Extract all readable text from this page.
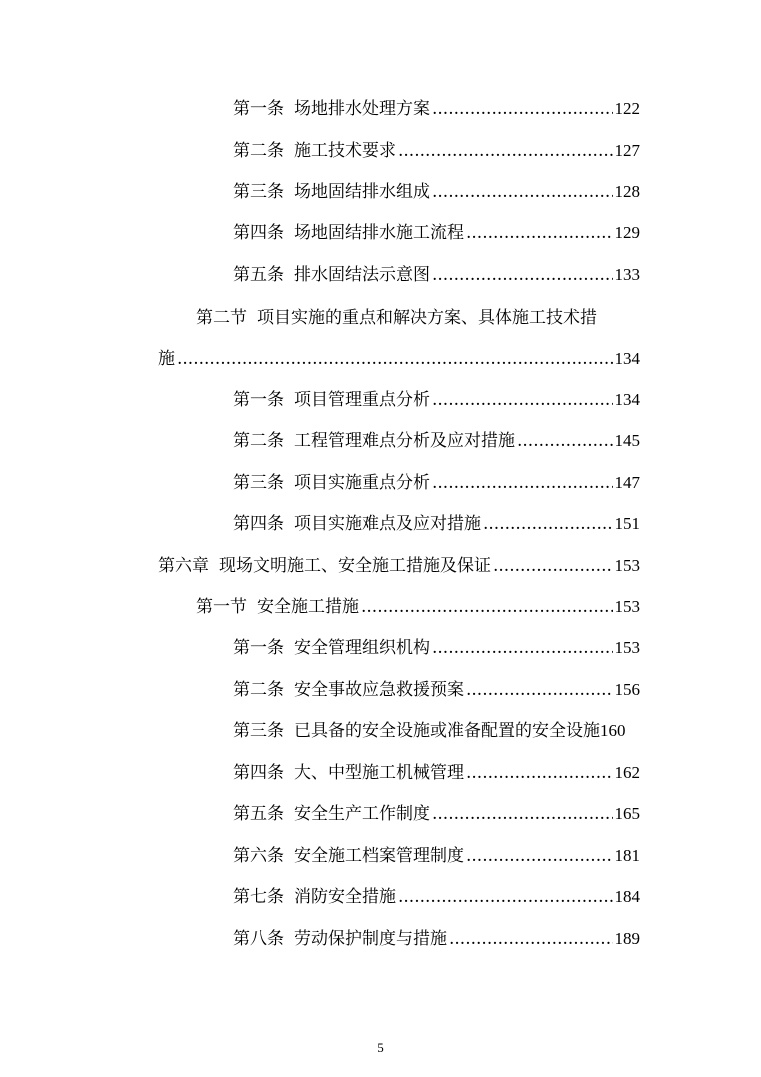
第一条 场地排水处理方案 .....	122
第二条 施工技术要求 .....	127
第三条 场地固结排水组成 .....	128
第四条 场地固结排水施工流程 .....	129
第五条 排水固结法示意图 .....	133
第二节 项目实施的重点和解决方案、具体施工技术措
施 .....	134
第一条 项目管理重点分析 .....	134
第二条 工程管理难点分析及应对措施 .....	145
第三条 项目实施重点分析 .....	147
第四条 项目实施难点及应对措施 .....	151
第六章 现场文明施工、安全施工措施及保证 .....	153
第一节 安全施工措施 .....	153
第一条 安全管理组织机构 .....	153
第二条 安全事故应急救援预案 .....	156
第三条 已具备的安全设施或准备配置的安全设施 160
第四条 大、中型施工机械管理 .....	162
第五条 安全生产工作制度 .....	165
第六条 安全施工档案管理制度 .....	181
第七条 消防安全措施 .....	184
第八条 劳动保护制度与措施 .....	189
5
